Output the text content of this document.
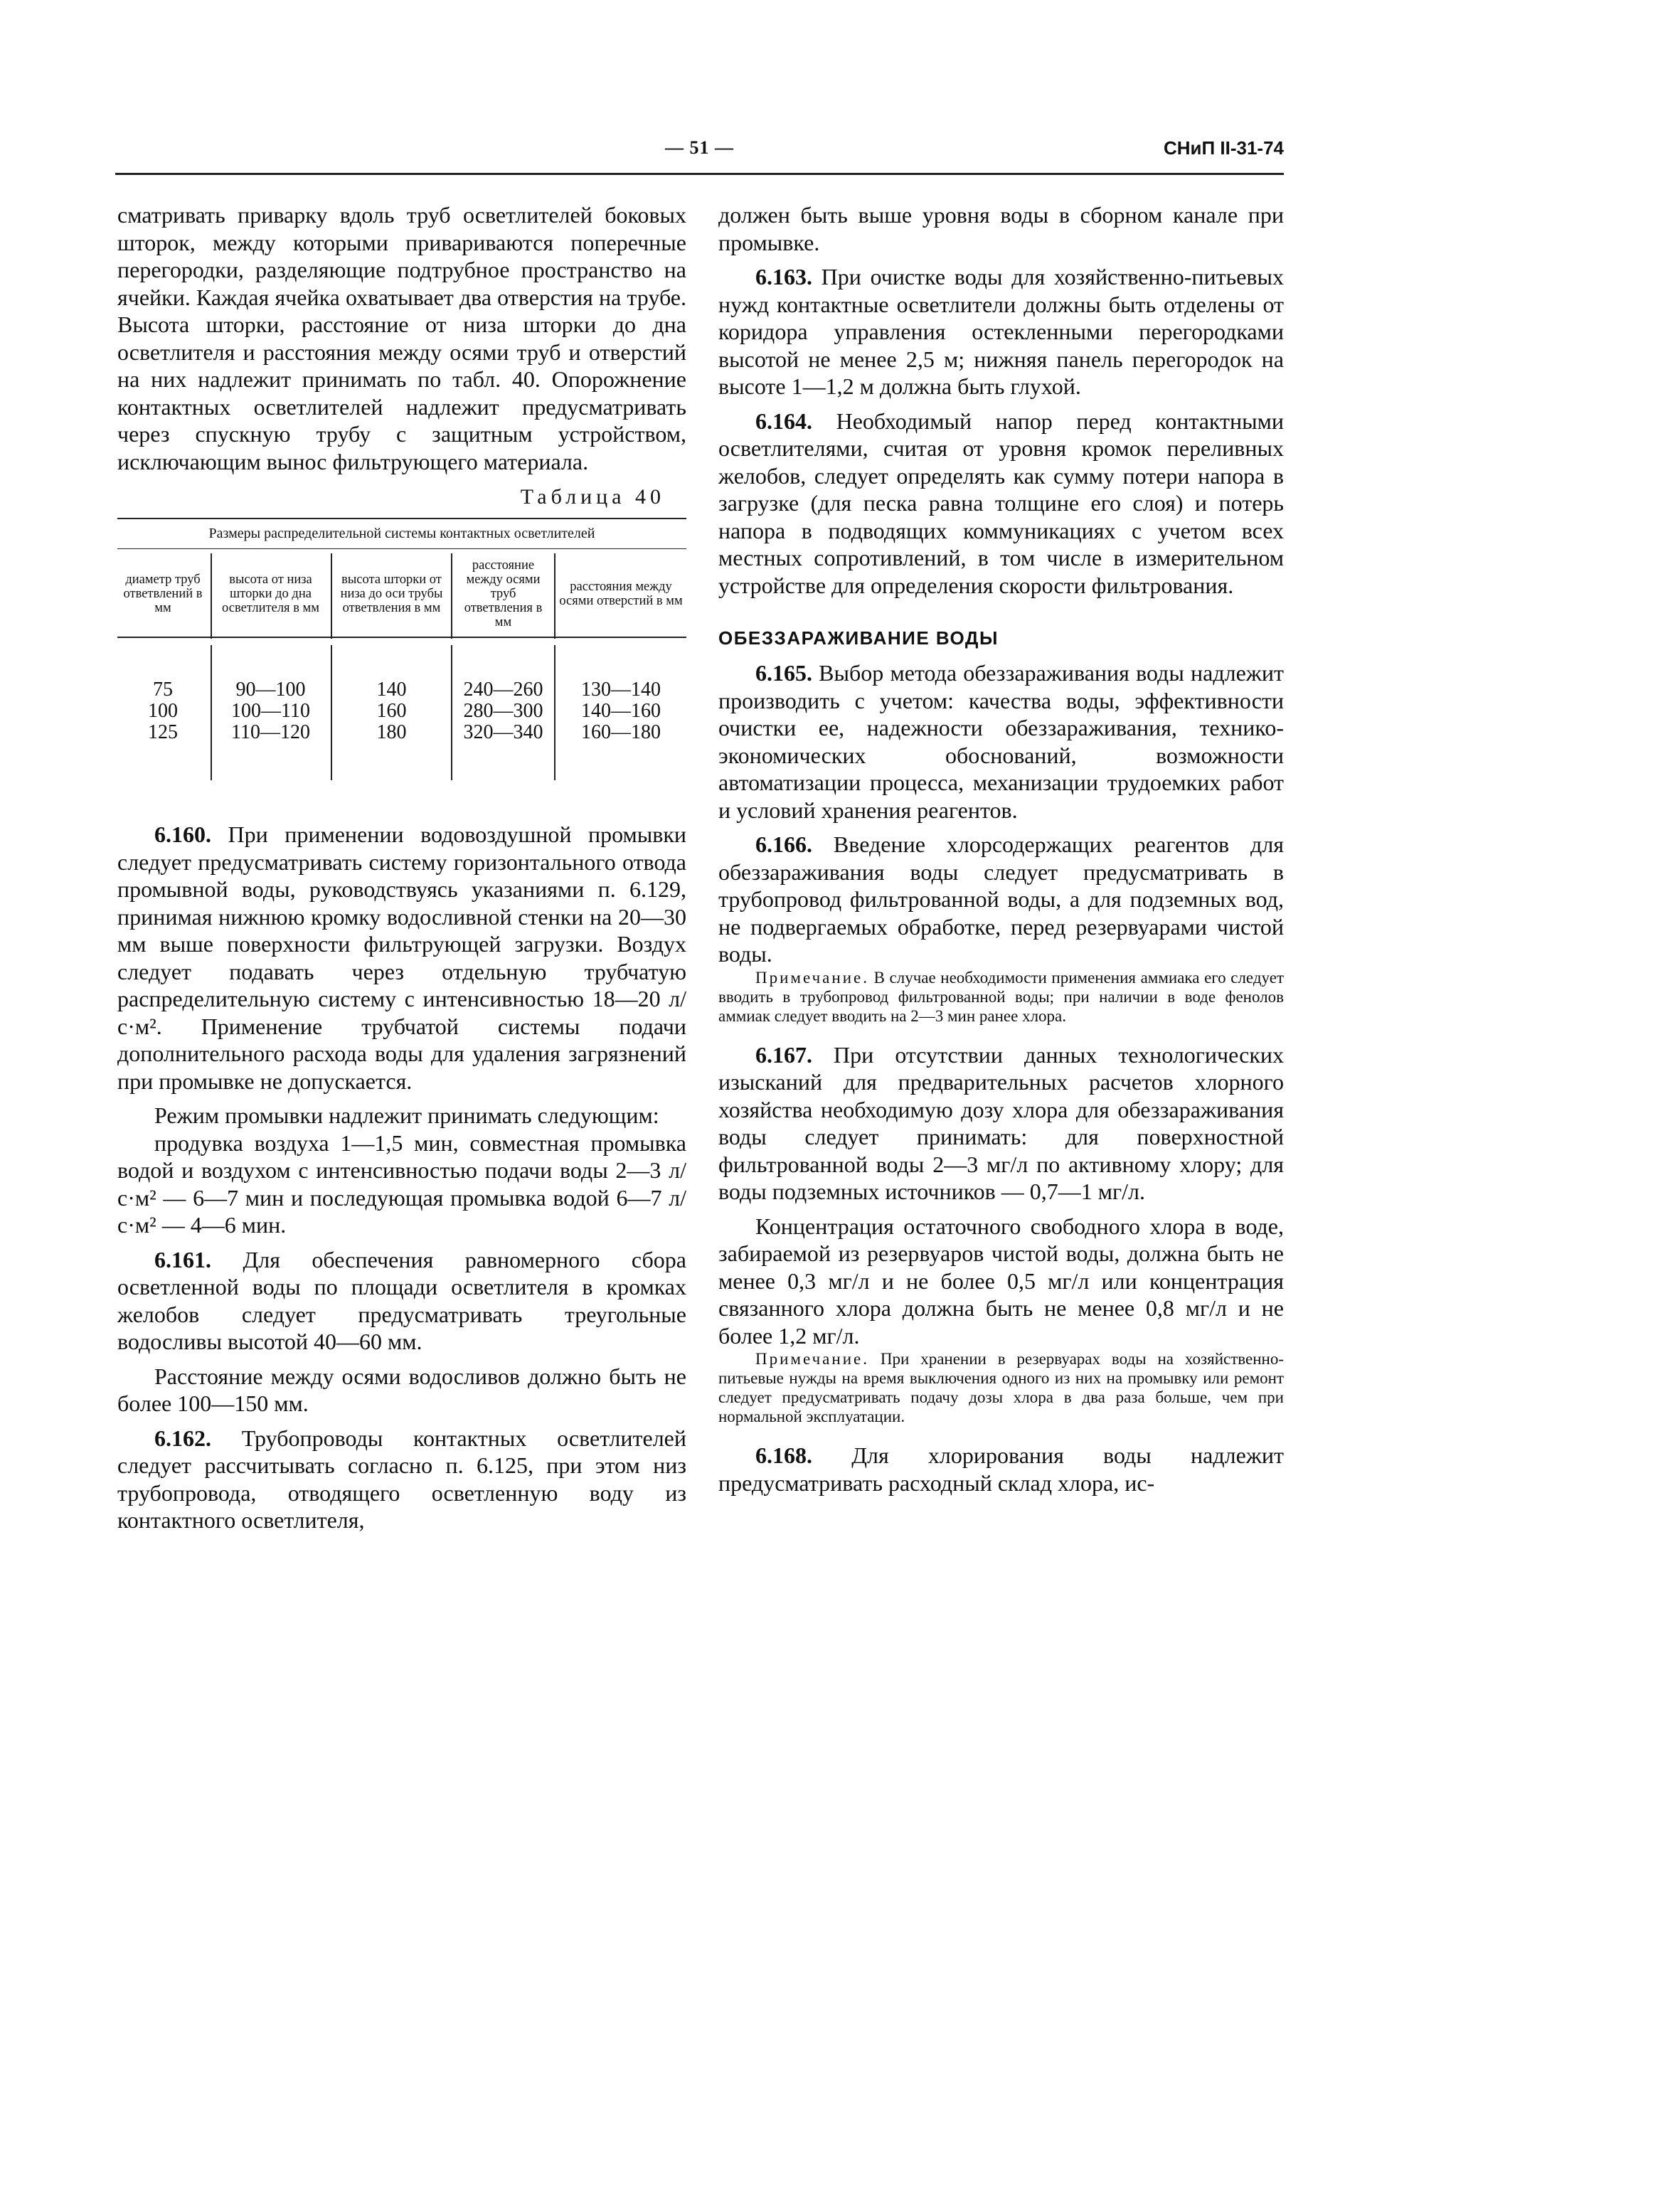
— 51 —	СНиП II-31-74

сматривать приварку вдоль труб осветлителей боковых шторок, между которыми привариваются поперечные перегородки, разделяющие подтрубное пространство на ячейки. Каждая ячейка охватывает два отверстия на трубе. Высота шторки, расстояние от низа шторки до дна осветлителя и расстояния между осями труб и отверстий на них надлежит принимать по табл. 40. Опорожнение контактных осветлителей надлежит предусматривать через спускную трубу с защитным устройством, исключающим вынос фильтрующего материала.

Таблица 40
Размеры распределительной системы контактных осветлителей
диаметр труб ответвлений в мм
высота от низа шторки до дна осветлителя в мм
высота шторки от низа до оси трубы ответвления в мм
расстояние между осями труб ответвления в мм
расстояния между осями отверстий в мм
75
100
125
90—100
100—110
110—120
140
160
180
240—260
280—300
320—340
130—140
140—160
160—180

6.160. При применении водовоздушной промывки следует предусматривать систему горизонтального отвода промывной воды, руководствуясь указаниями п. 6.129, принимая нижнюю кромку водосливной стенки на 20—30 мм выше поверхности фильтрующей загрузки. Воздух следует подавать через отдельную трубчатую распределительную систему с интенсивностью 18—20 л/с·м². Применение трубчатой системы подачи дополнительного расхода воды для удаления загрязнений при промывке не допускается.

Режим промывки надлежит принимать следующим:

продувка воздуха 1—1,5 мин, совместная промывка водой и воздухом с интенсивностью подачи воды 2—3 л/с·м² — 6—7 мин и последующая промывка водой 6—7 л/с·м² — 4—6 мин.

6.161. Для обеспечения равномерного сбора осветленной воды по площади осветлителя в кромках желобов следует предусматривать треугольные водосливы высотой 40—60 мм.

Расстояние между осями водосливов должно быть не более 100—150 мм.

6.162. Трубопроводы контактных осветлителей следует рассчитывать согласно п. 6.125, при этом низ трубопровода, отводящего осветленную воду из контактного осветлителя,

должен быть выше уровня воды в сборном канале при промывке.

6.163. При очистке воды для хозяйственно-питьевых нужд контактные осветлители должны быть отделены от коридора управления остекленными перегородками высотой не менее 2,5 м; нижняя панель перегородок на высоте 1—1,2 м должна быть глухой.

6.164. Необходимый напор перед контактными осветлителями, считая от уровня кромок переливных желобов, следует определять как сумму потери напора в загрузке (для песка равна толщине его слоя) и потерь напора в подводящих коммуникациях с учетом всех местных сопротивлений, в том числе в измерительном устройстве для определения скорости фильтрования.

ОБЕЗЗАРАЖИВАНИЕ ВОДЫ

6.165. Выбор метода обеззараживания воды надлежит производить с учетом: качества воды, эффективности очистки ее, надежности обеззараживания, технико-экономических обоснований, возможности автоматизации процесса, механизации трудоемких работ и условий хранения реагентов.

6.166. Введение хлорсодержащих реагентов для обеззараживания воды следует предусматривать в трубопровод фильтрованной воды, а для подземных вод, не подвергаемых обработке, перед резервуарами чистой воды.

Примечание. В случае необходимости применения аммиака его следует вводить в трубопровод фильтрованной воды; при наличии в воде фенолов аммиак следует вводить на 2—3 мин ранее хлора.

6.167. При отсутствии данных технологических изысканий для предварительных расчетов хлорного хозяйства необходимую дозу хлора для обеззараживания воды следует принимать: для поверхностной фильтрованной воды 2—3 мг/л по активному хлору; для воды подземных источников — 0,7—1 мг/л.

Концентрация остаточного свободного хлора в воде, забираемой из резервуаров чистой воды, должна быть не менее 0,3 мг/л и не более 0,5 мг/л или концентрация связанного хлора должна быть не менее 0,8 мг/л и не более 1,2 мг/л.

Примечание. При хранении в резервуарах воды на хозяйственно-питьевые нужды на время выключения одного из них на промывку или ремонт следует предусматривать подачу дозы хлора в два раза больше, чем при нормальной эксплуатации.

6.168. Для хлорирования воды надлежит предусматривать расходный склад хлора, ис-
